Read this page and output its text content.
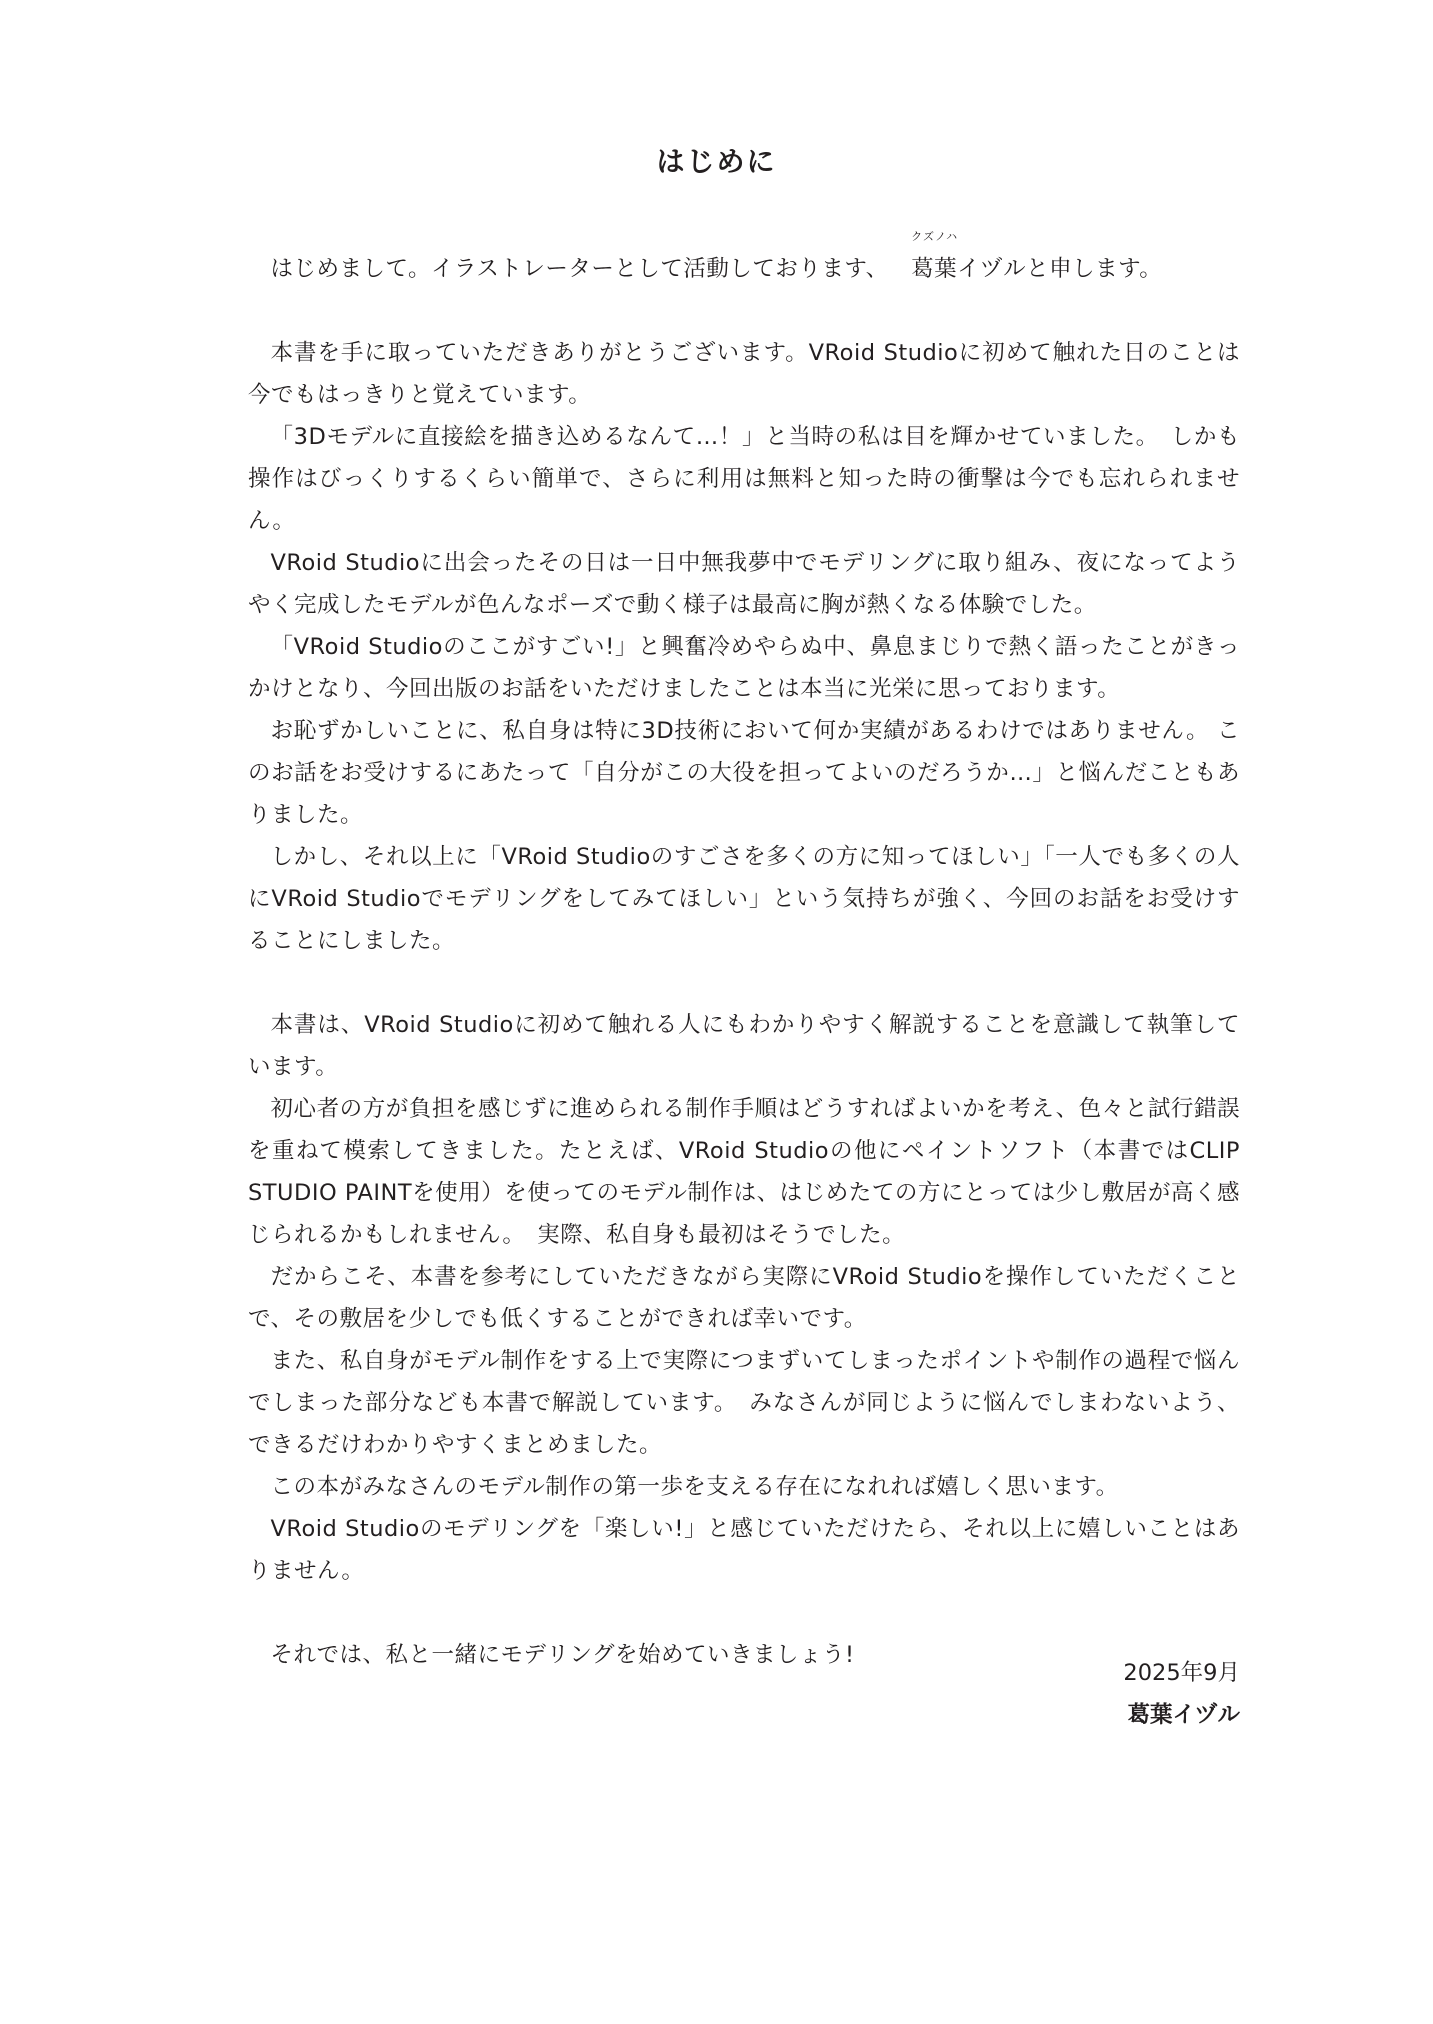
はじめに

はじめまして。イラストレーターとして活動しております、
クズノハ
葛葉イヅルと申します。

本書を手に取っていただきありがとうございます。VRoid Studioに初めて触れた日のことは今でもはっきりと覚えています。

「3Dモデルに直接絵を描き込めるなんて…！」と当時の私は目を輝かせていました。　しかも操作はびっくりするくらい簡単で、さらに利用は無料と知った時の衝撃は今でも忘れられません。

VRoid Studioに出会ったその日は一日中無我夢中でモデリングに取り組み、夜になってようやく完成したモデルが色んなポーズで動く様子は最高に胸が熱くなる体験でした。

「VRoid Studioのここがすごい!」と興奮冷めやらぬ中、鼻息まじりで熱く語ったことがきっかけとなり、今回出版のお話をいただけましたことは本当に光栄に思っております。

お恥ずかしいことに、私自身は特に3D技術において何か実績があるわけではありません。 このお話をお受けするにあたって「自分がこの大役を担ってよいのだろうか…」と悩んだこともありました。

しかし、それ以上に「VRoid Studioのすごさを多くの方に知ってほしい」「一人でも多くの人にVRoid Studioでモデリングをしてみてほしい」という気持ちが強く、今回のお話をお受けすることにしました。

本書は、VRoid Studioに初めて触れる人にもわかりやすく解説することを意識して執筆しています。

初心者の方が負担を感じずに進められる制作手順はどうすればよいかを考え、色々と試行錯誤を重ねて模索してきました。たとえば、VRoid Studioの他にペイントソフト（本書ではCLIP STUDIO PAINTを使用）を使ってのモデル制作は、はじめたての方にとっては少し敷居が高く感じられるかもしれません。　実際、私自身も最初はそうでした。

だからこそ、本書を参考にしていただきながら実際にVRoid Studioを操作していただくことで、その敷居を少しでも低くすることができれば幸いです。

また、私自身がモデル制作をする上で実際につまずいてしまったポイントや制作の過程で悩んでしまった部分なども本書で解説しています。　みなさんが同じように悩んでしまわないよう、できるだけわかりやすくまとめました。

この本がみなさんのモデル制作の第一歩を支える存在になれれば嬉しく思います。

VRoid Studioのモデリングを「楽しい!」と感じていただけたら、それ以上に嬉しいことはありません。

それでは、私と一緒にモデリングを始めていきましょう!

2025年9月
葛葉イヅル
